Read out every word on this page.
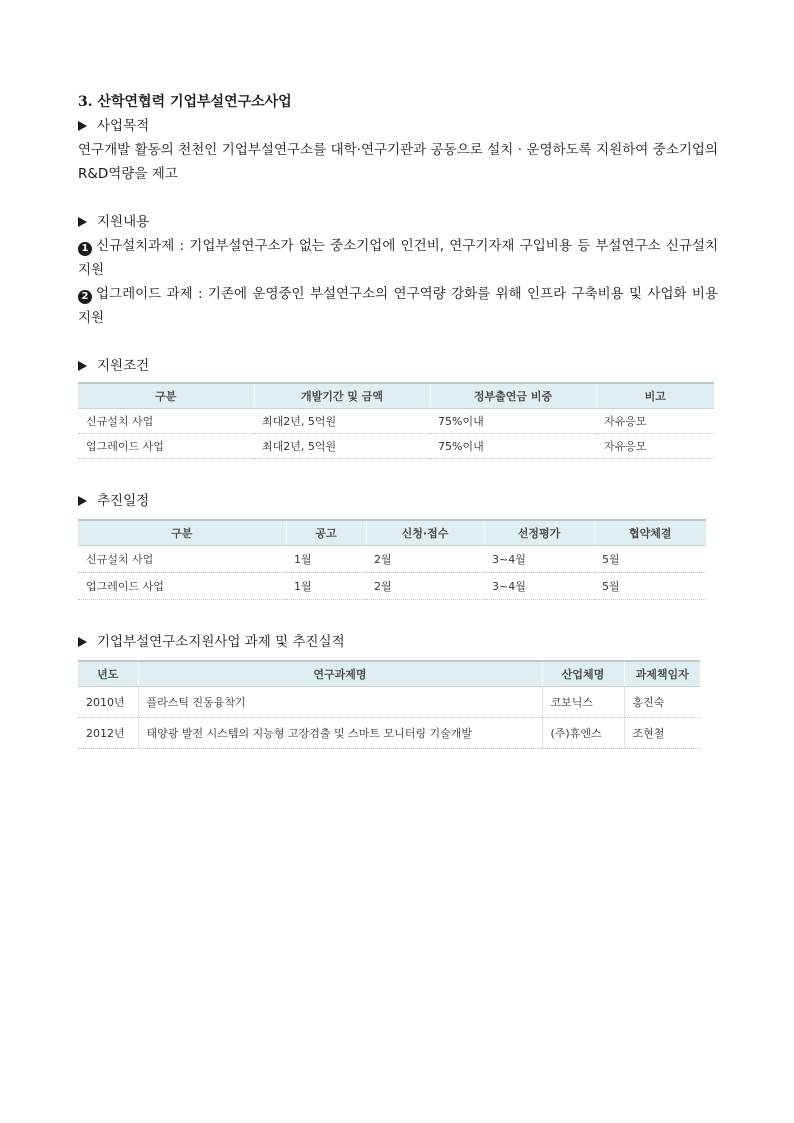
3. 산학연협력 기업부설연구소사업
사업목적

연구개발 활동의 천천인 기업부설연구소를 대학·연구기관과 공동으로 설치 · 운영하도록 지원하여 중소기업의 R&D역량을 제고

지원내용

1 신규설치과제 : 기업부설연구소가 없는 중소기업에 인건비, 연구기자재 구입비용 등 부설연구소 신규설치지원

2 업그레이드 과제 : 기존에 운영중인 부설연구소의 연구역량 강화를 위해 인프라 구축비용 및 사업화 비용 지원

지원조건
구분	개발기간 및 금액	정부출연금 비중	비고
신규설치 사업	최대2년, 5억원	75%이내	자유응모
업그레이드 사업	최대2년, 5억원	75%이내	자유응모
추진일정
구분	공고	신청·접수	선정평가	협약체결
신규설치 사업	1월	2월	3~4월	5월
업그레이드 사업	1월	2월	3~4월	5월
기업부설연구소지원사업 과제 및 추진실적
년도	연구과제명	산업체명	과제책임자
2010년	플라스틱 진동융착기	코보닉스	홍진숙
2012년	태양광 발전 시스템의 지능형 고장검출 및 스마트 모니터링 기술개발	(주)휴엔스	조현철
